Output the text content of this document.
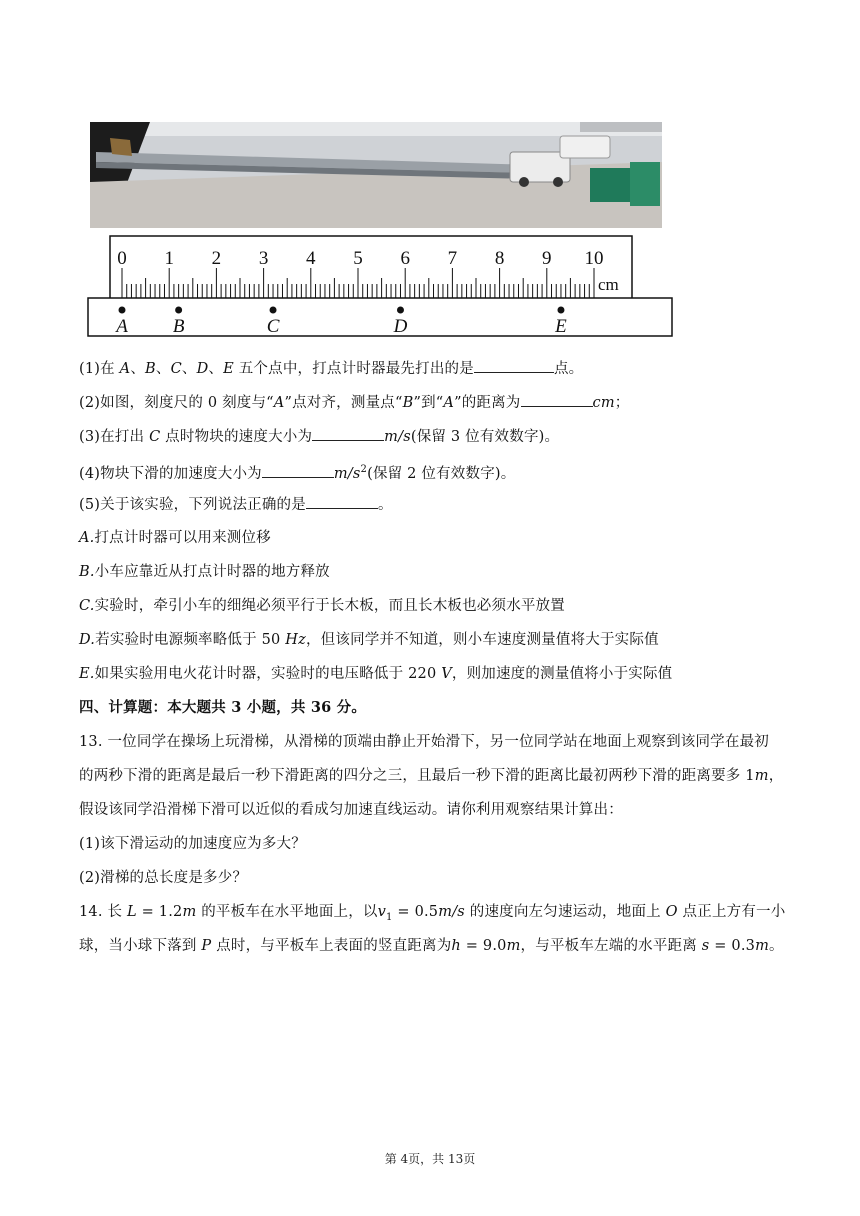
0 1 2 3 4 5 6 7 8 9 10
cm
A B	C	D	E
(1)在 A、B、C、D、E 五个点中，打点计时器最先打出的是	点。
(2)如图，刻度尺的 0 刻度与“A”点对齐，测量点“B”到“A”的距离为	cm；
(3)在打出 C 点时物块的速度大小为	m/s(保留 3 位有效数字)。
(4)物块下滑的加速度大小为	$m/s^2$(保留 2 位有效数字)。
(5)关于该实验，下列说法正确的是	。
A.打点计时器可以用来测位移
B.小车应靠近从打点计时器的地方释放
C.实验时，牵引小车的细绳必须平行于长木板，而且长木板也必须水平放置
D.若实验时电源频率略低于 50 Hz，但该同学并不知道，则小车速度测量值将大于实际值
E.如果实验用电火花计时器，实验时的电压略低于 220 V，则加速度的测量值将小于实际值
四、计算题：本大题共 3 小题，共 36 分。
13. 一位同学在操场上玩滑梯，从滑梯的顶端由静止开始滑下，另一位同学站在地面上观察到该同学在最初
的两秒下滑的距离是最后一秒下滑距离的四分之三，且最后一秒下滑的距离比最初两秒下滑的距离要多 1m，
假设该同学沿滑梯下滑可以近似的看成匀加速直线运动。请你利用观察结果计算出：
(1)该下滑运动的加速度应为多大？
(2)滑梯的总长度是多少？
14. 长 L = 1.2m 的平板车在水平地面上，以$v_1 = 0.5m/s$ 的速度向左匀速运动，地面上 O 点正上方有一小
球，当小球下落到 P 点时，与平板车上表面的竖直距离为h = 9.0m，与平板车左端的水平距离 s = 0.3m。
第 4页，共 13页
